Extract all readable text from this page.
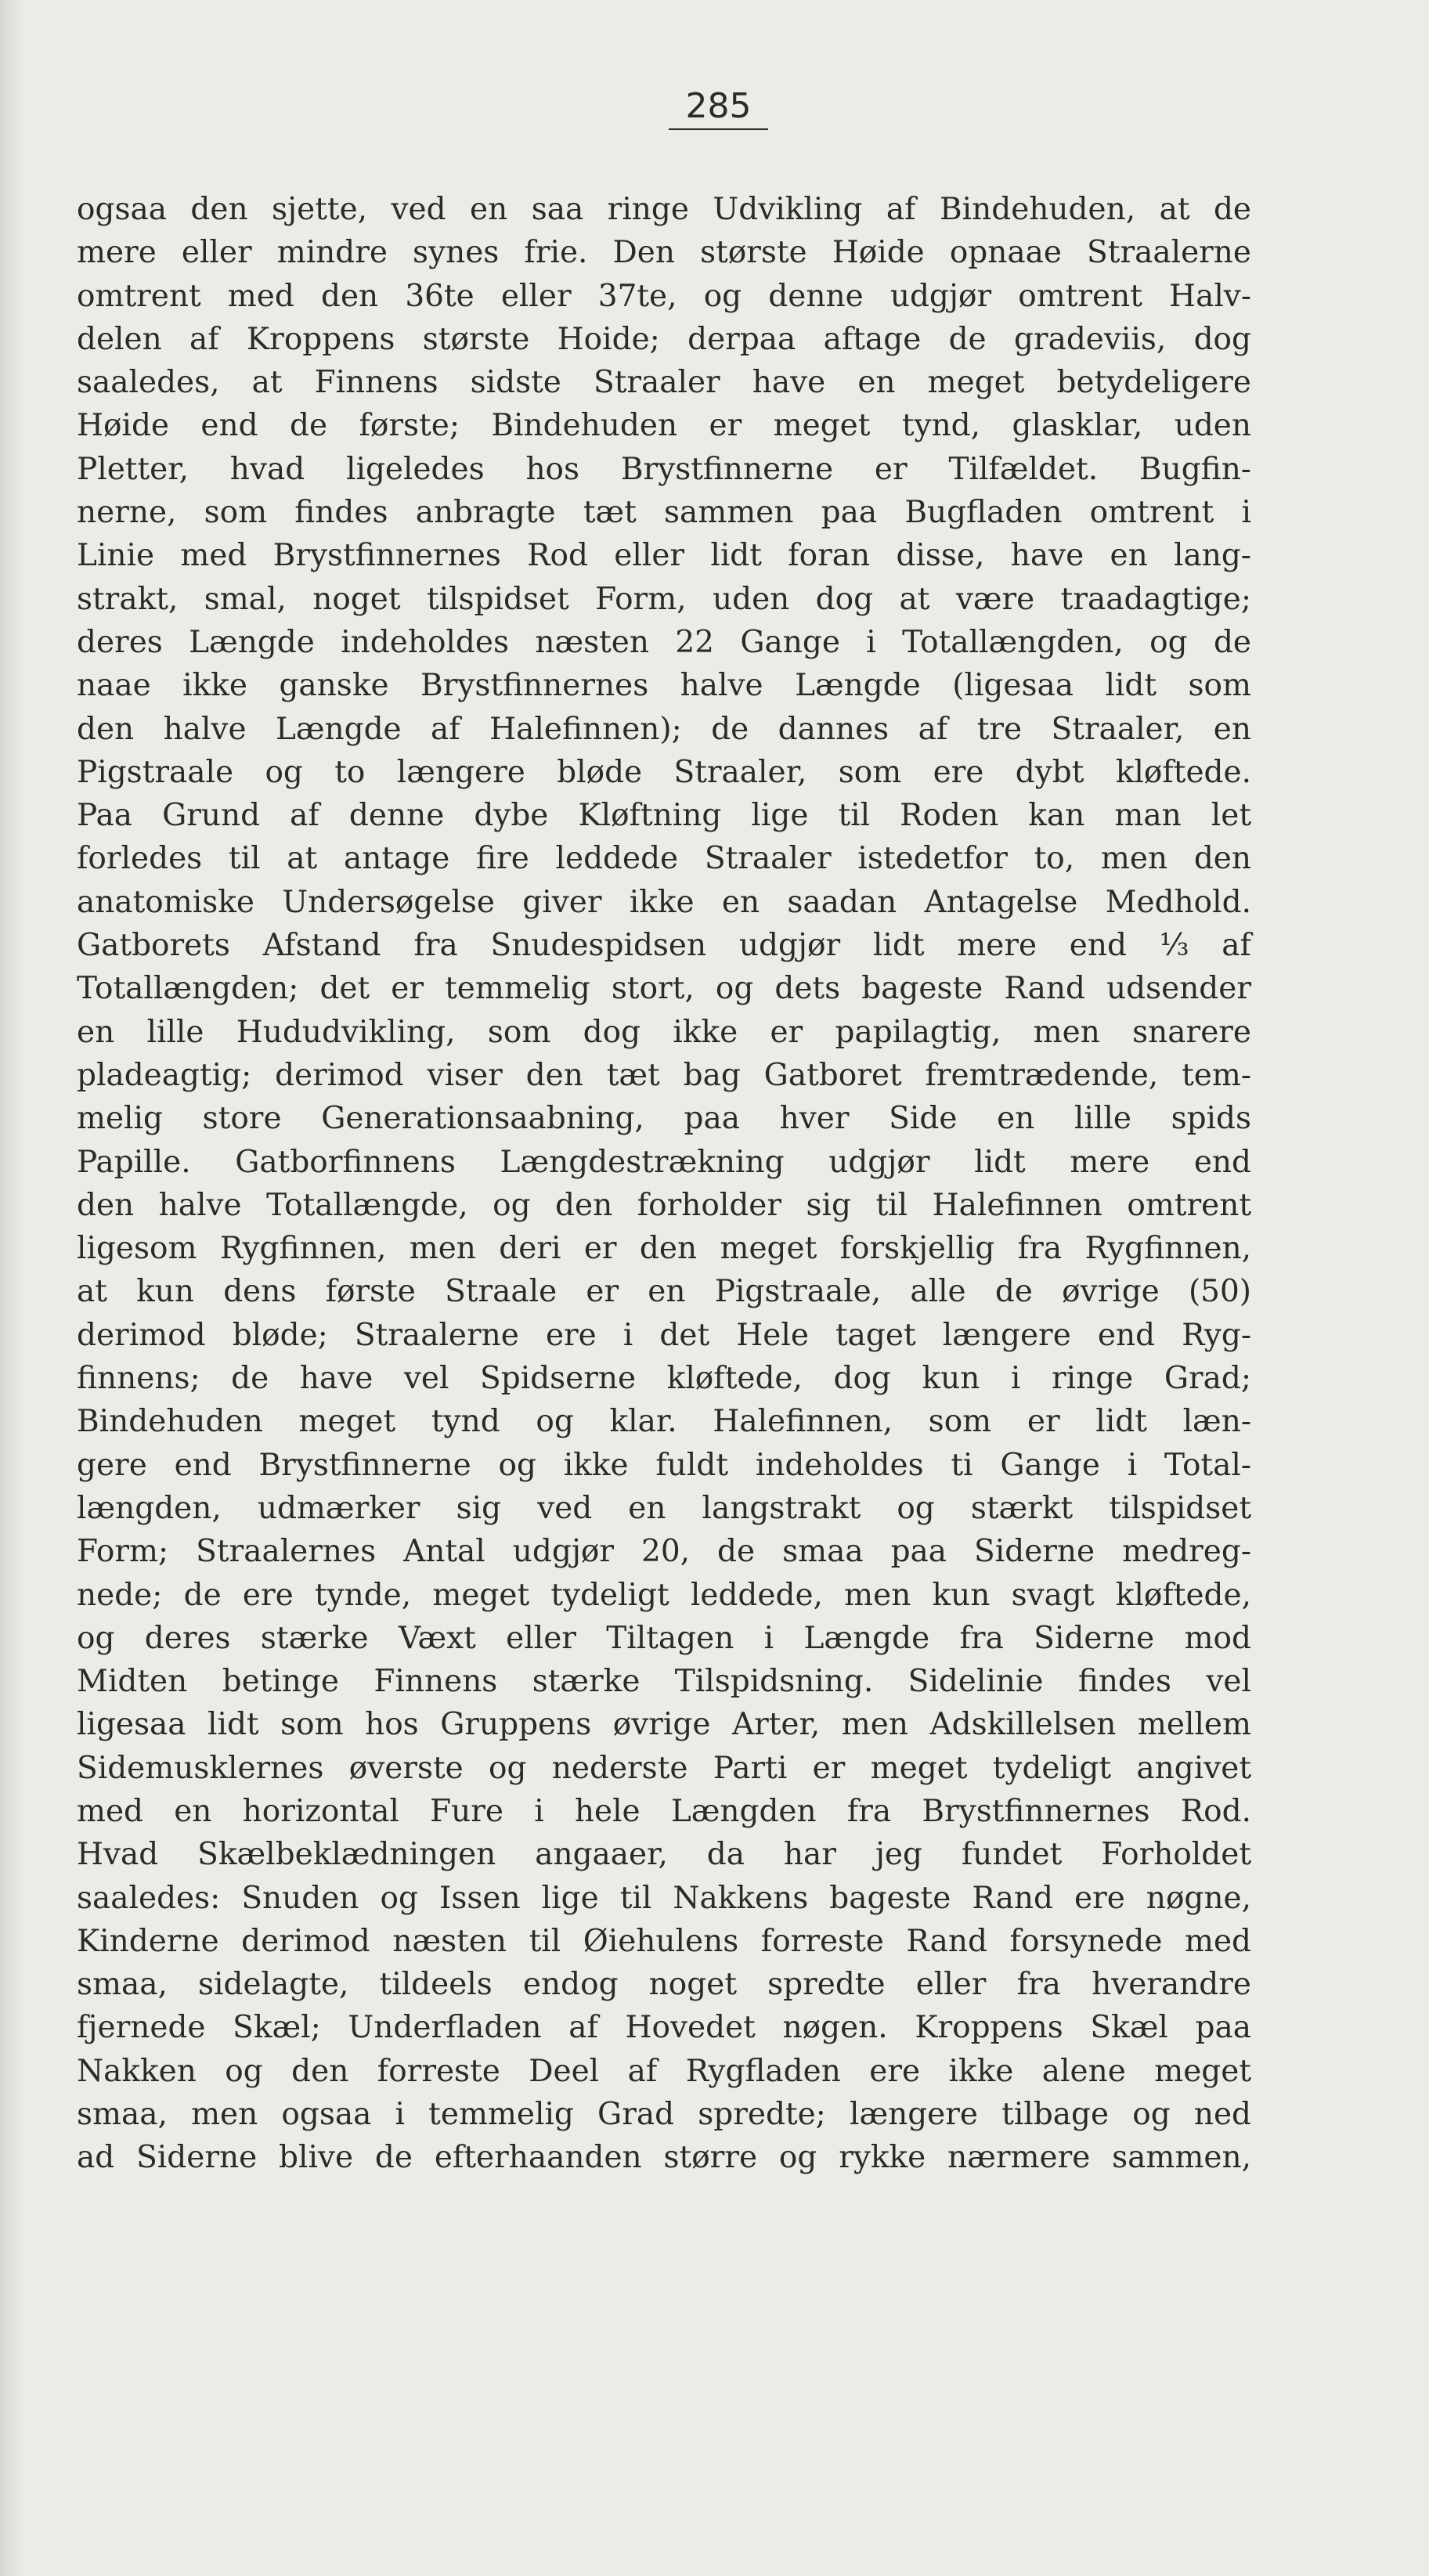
285
ogsaa den sjette, ved en saa ringe Udvikling af Bindehuden, at de
mere eller mindre synes frie. Den største Høide opnaae Straalerne
omtrent med den 36te eller 37te, og denne udgjør omtrent Halv-
delen af Kroppens største Hoide; derpaa aftage de gradeviis, dog
saaledes, at Finnens sidste Straaler have en meget betydeligere
Høide end de første; Bindehuden er meget tynd, glasklar, uden
Pletter, hvad ligeledes hos Brystfinnerne er Tilfældet. Bugfin-
nerne, som findes anbragte tæt sammen paa Bugfladen omtrent i
Linie med Brystfinnernes Rod eller lidt foran disse, have en lang-
strakt, smal, noget tilspidset Form, uden dog at være traadagtige;
deres Længde indeholdes næsten 22 Gange i Totallængden, og de
naae ikke ganske Brystfinnernes halve Længde (ligesaa lidt som
den halve Længde af Halefinnen); de dannes af tre Straaler, en
Pigstraale og to længere bløde Straaler, som ere dybt kløftede.
Paa Grund af denne dybe Kløftning lige til Roden kan man let
forledes til at antage fire leddede Straaler istedetfor to, men den
anatomiske Undersøgelse giver ikke en saadan Antagelse Medhold.
Gatborets Afstand fra Snudespidsen udgjør lidt mere end ⅓ af
Totallængden; det er temmelig stort, og dets bageste Rand udsender
en lille Hududvikling, som dog ikke er papilagtig, men snarere
pladeagtig; derimod viser den tæt bag Gatboret fremtrædende, tem-
melig store Generationsaabning, paa hver Side en lille spids
Papille. Gatborfinnens Længdestrækning udgjør lidt mere end
den halve Totallængde, og den forholder sig til Halefinnen omtrent
ligesom Rygfinnen, men deri er den meget forskjellig fra Rygfinnen,
at kun dens første Straale er en Pigstraale, alle de øvrige (50)
derimod bløde; Straalerne ere i det Hele taget længere end Ryg-
finnens; de have vel Spidserne kløftede, dog kun i ringe Grad;
Bindehuden meget tynd og klar. Halefinnen, som er lidt læn-
gere end Brystfinnerne og ikke fuldt indeholdes ti Gange i Total-
længden, udmærker sig ved en langstrakt og stærkt tilspidset
Form; Straalernes Antal udgjør 20, de smaa paa Siderne medreg-
nede; de ere tynde, meget tydeligt leddede, men kun svagt kløftede,
og deres stærke Væxt eller Tiltagen i Længde fra Siderne mod
Midten betinge Finnens stærke Tilspidsning. Sidelinie findes vel
ligesaa lidt som hos Gruppens øvrige Arter, men Adskillelsen mellem
Sidemusklernes øverste og nederste Parti er meget tydeligt angivet
med en horizontal Fure i hele Længden fra Brystfinnernes Rod.
Hvad Skælbeklædningen angaaer, da har jeg fundet Forholdet
saaledes: Snuden og Issen lige til Nakkens bageste Rand ere nøgne,
Kinderne derimod næsten til Øiehulens forreste Rand forsynede med
smaa, sidelagte, tildeels endog noget spredte eller fra hverandre
fjernede Skæl; Underfladen af Hovedet nøgen. Kroppens Skæl paa
Nakken og den forreste Deel af Rygfladen ere ikke alene meget
smaa, men ogsaa i temmelig Grad spredte; længere tilbage og ned
ad Siderne blive de efterhaanden større og rykke nærmere sammen,
